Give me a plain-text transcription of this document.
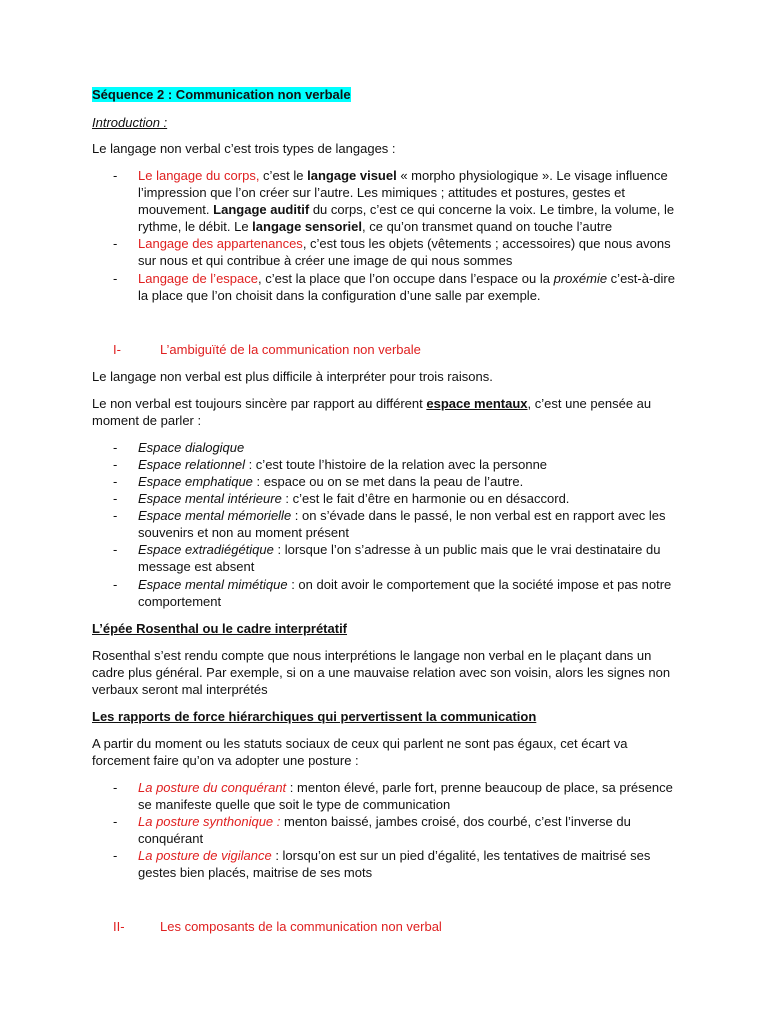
Séquence 2 : Communication non verbale
Introduction :
Le langage non verbal c’est trois types de langages :
- Le langage du corps, c’est le langage visuel « morpho physiologique ». Le visage influence
l’impression que l’on créer sur l’autre. Les mimiques ; attitudes et postures, gestes et
mouvement. Langage auditif du corps, c’est ce qui concerne la voix. Le timbre, la volume, le
rythme, le débit. Le langage sensoriel, ce qu’on transmet quand on touche l’autre
- Langage des appartenances, c’est tous les objets (vêtements ; accessoires) que nous avons
sur nous et qui contribue à créer une image de qui nous sommes
- Langage de l’espace, c’est la place que l’on occupe dans l’espace ou la proxémie c’est-à-dire
la place que l’on choisit dans la configuration d’une salle par exemple.
I-	L’ambiguïté de la communication non verbale
Le langage non verbal est plus difficile à interpréter pour trois raisons.
Le non verbal est toujours sincère par rapport au différent espace mentaux, c’est une pensée au
moment de parler :
- Espace dialogique
- Espace relationnel : c’est toute l’histoire de la relation avec la personne
- Espace emphatique : espace ou on se met dans la peau de l’autre.
- Espace mental intérieure : c’est le fait d’être en harmonie ou en désaccord.
- Espace mental mémorielle : on s’évade dans le passé, le non verbal est en rapport avec les
souvenirs et non au moment présent
- Espace extradiégétique : lorsque l’on s’adresse à un public mais que le vrai destinataire du
message est absent
- Espace mental mimétique : on doit avoir le comportement que la société impose et pas notre
comportement
L’épée Rosenthal ou le cadre interprétatif
Rosenthal s’est rendu compte que nous interprétions le langage non verbal en le plaçant dans un
cadre plus général. Par exemple, si on a une mauvaise relation avec son voisin, alors les signes non
verbaux seront mal interprétés
Les rapports de force hiérarchiques qui pervertissent la communication
A partir du moment ou les statuts sociaux de ceux qui parlent ne sont pas égaux, cet écart va
forcement faire qu’on va adopter une posture :
- La posture du conquérant : menton élevé, parle fort, prenne beaucoup de place, sa présence
se manifeste quelle que soit le type de communication
- La posture synthonique : menton baissé, jambes croisé, dos courbé, c’est l’inverse du
conquérant
- La posture de vigilance : lorsqu’on est sur un pied d’égalité, les tentatives de maitrisé ses
gestes bien placés, maitrise de ses mots
II-	Les composants de la communication non verbal
